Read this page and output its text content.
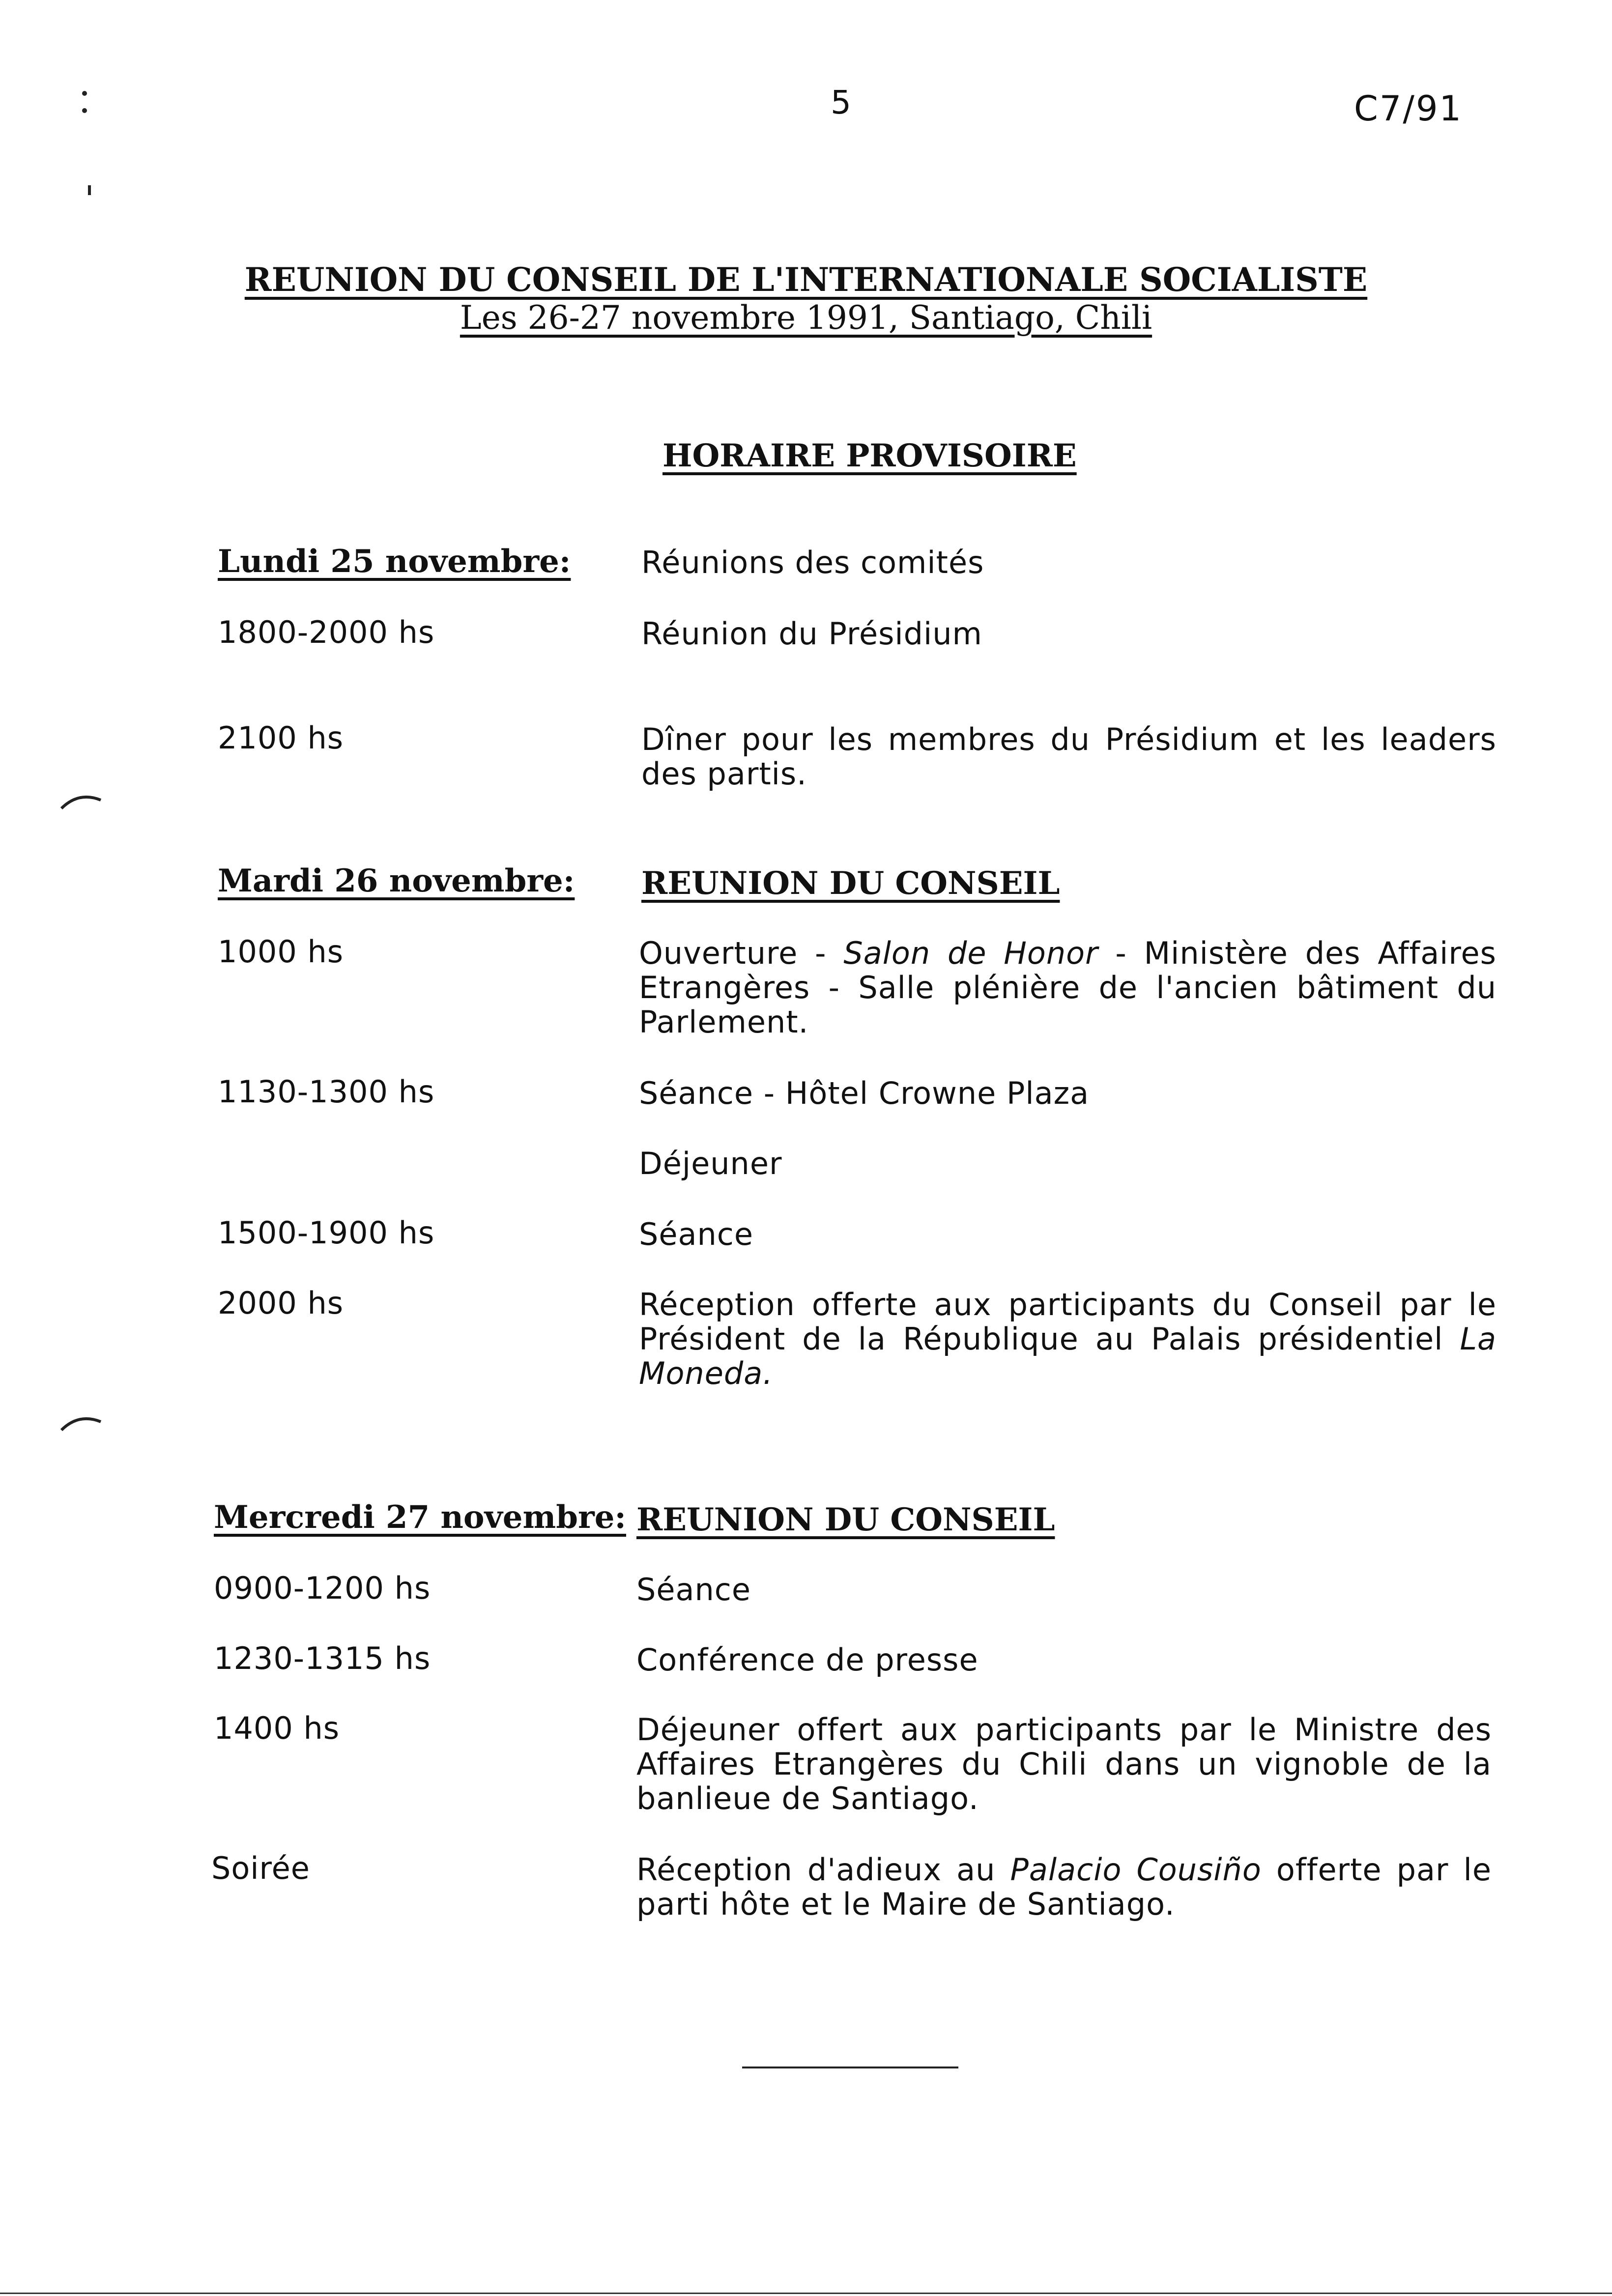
5	C7/91
REUNION DU CONSEIL DE L'INTERNATIONALE SOCIALISTE
Les 26-27 novembre 1991, Santiago, Chili
HORAIRE PROVISOIRE
Lundi 25 novembre: Réunions des comités
1800-2000 hs	Réunion du Présidium
2100 hs	Dîner pour les membres du Présidium et les leaders des partis.
Mardi 26 novembre: REUNION DU CONSEIL
1000 hs	Ouverture - Salon de Honor - Ministère des Affaires Etrangères - Salle plénière de l'ancien bâtiment du Parlement.
1130-1300 hs	Séance - Hôtel Crowne Plaza
Déjeuner
1500-1900 hs	Séance
2000 hs	Réception offerte aux participants du Conseil par le Président de la République au Palais présidentiel La Moneda.
Mercredi 27 novembre: REUNION DU CONSEIL
0900-1200 hs	Séance
1230-1315 hs	Conférence de presse
1400 hs	Déjeuner offert aux participants par le Ministre des Affaires Etrangères du Chili dans un vignoble de la banlieue de Santiago.
Soirée	Réception d'adieux au Palacio Cousiño offerte par le parti hôte et le Maire de Santiago.
